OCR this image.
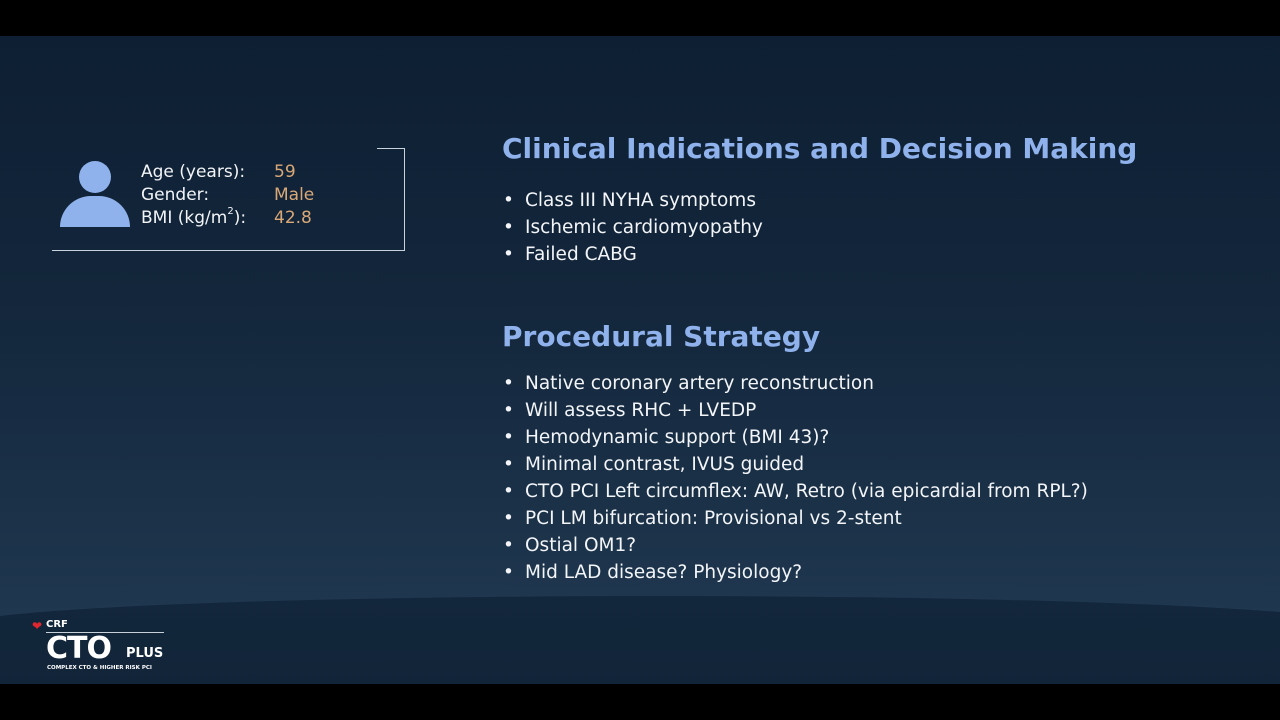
Age (years):	59
Gender:	Male
BMI $(kg/m^2)$:	42.8
Clinical Indications and Decision Making
• Class III NYHA symptoms
• Ischemic cardiomyopathy
• Failed CABG
Procedural Strategy
• Native coronary artery reconstruction
• Will assess RHC + LVEDP
• Hemodynamic support (BMI 43)?
• Minimal contrast, IVUS guided
• CTO PCI Left circumflex: AW, Retro (via epicardial from RPL?)
• PCI LM bifurcation: Provisional vs 2-stent
• Ostial OM1?
• Mid LAD disease? Physiology?
❤ CRF
CTO PLUS
COMPLEX CTO & HIGHER RISK PCI
